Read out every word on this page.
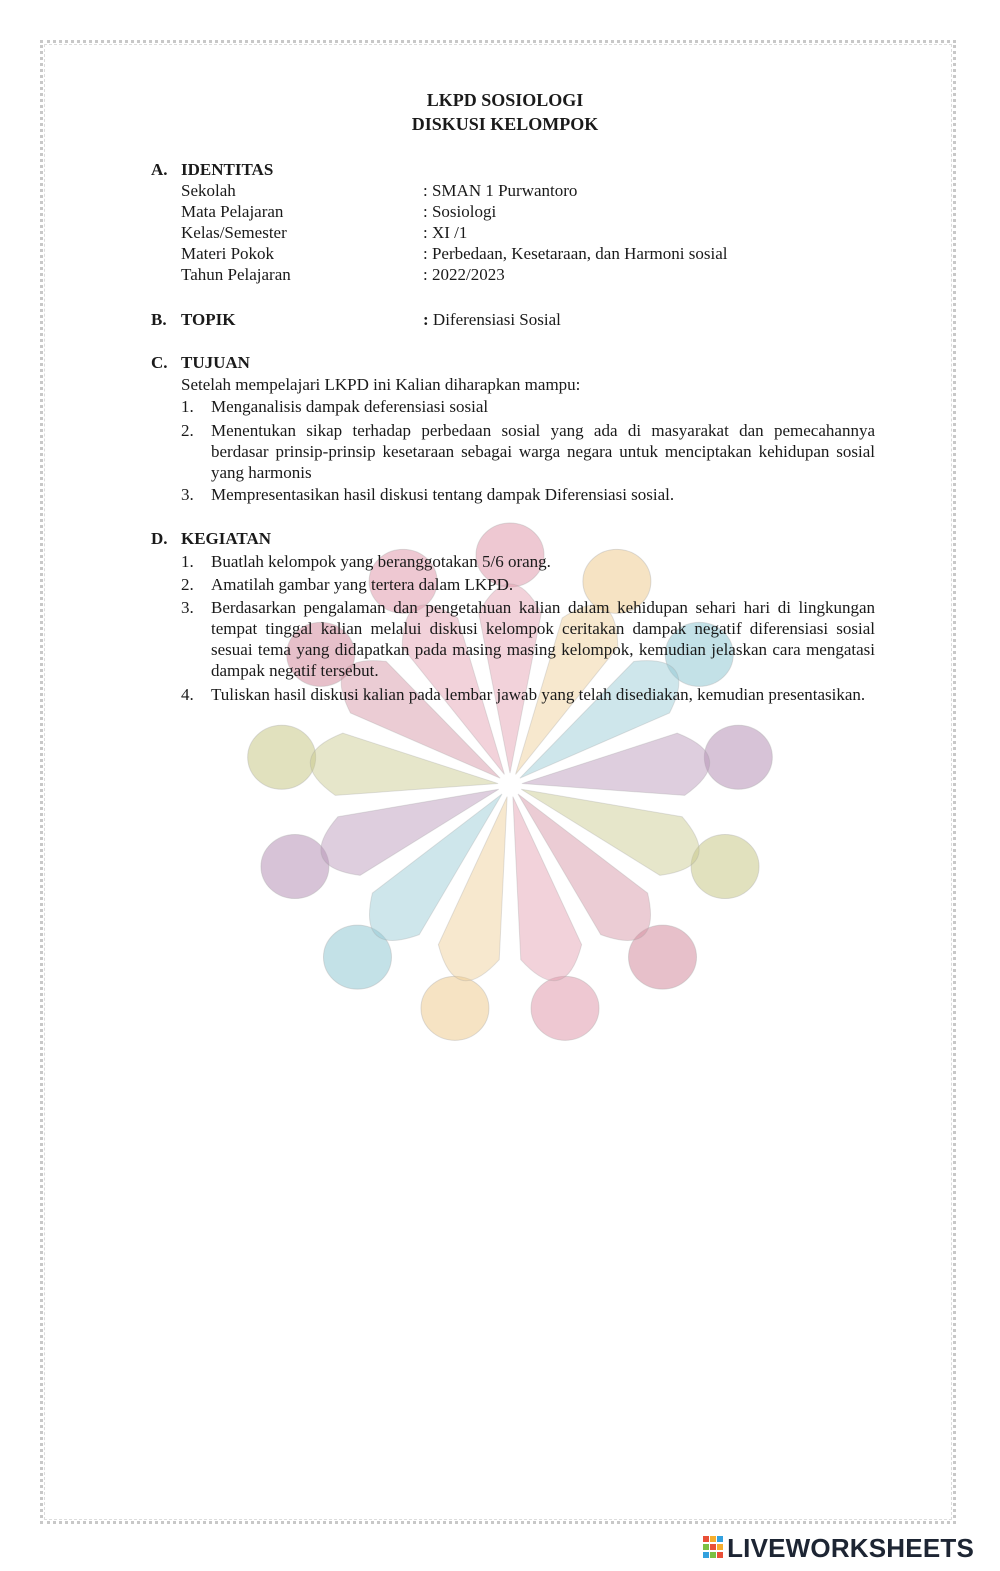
LKPD SOSIOLOGI
DISKUSI KELOMPOK
A. IDENTITAS
Sekolah	: SMAN 1 Purwantoro
Mata Pelajaran	: Sosiologi
Kelas/Semester	: XI /1
Materi Pokok	: Perbedaan, Kesetaraan, dan Harmoni sosial
Tahun Pelajaran	: 2022/2023
B. TOPIK	: Diferensiasi Sosial
C. TUJUAN
Setelah mempelajari LKPD ini Kalian diharapkan mampu:
1. Menganalisis dampak deferensiasi sosial
2. Menentukan sikap terhadap perbedaan sosial yang ada di masyarakat dan pemecahannya berdasar prinsip-prinsip kesetaraan sebagai warga negara untuk menciptakan kehidupan sosial yang harmonis
3. Mempresentasikan hasil diskusi tentang dampak Diferensiasi sosial.
D. KEGIATAN
1. Buatlah kelompok yang beranggotakan 5/6 orang.
2. Amatilah gambar yang tertera dalam LKPD.
3. Berdasarkan pengalaman dan pengetahuan kalian dalam kehidupan sehari hari di lingkungan tempat tinggal kalian melalui diskusi kelompok ceritakan dampak negatif diferensiasi sosial sesuai tema yang didapatkan pada masing masing kelompok, kemudian jelaskan cara mengatasi dampak negatif tersebut.
4. Tuliskan hasil diskusi kalian pada lembar jawab yang telah disediakan, kemudian presentasikan.
LIVEWORKSHEETS
